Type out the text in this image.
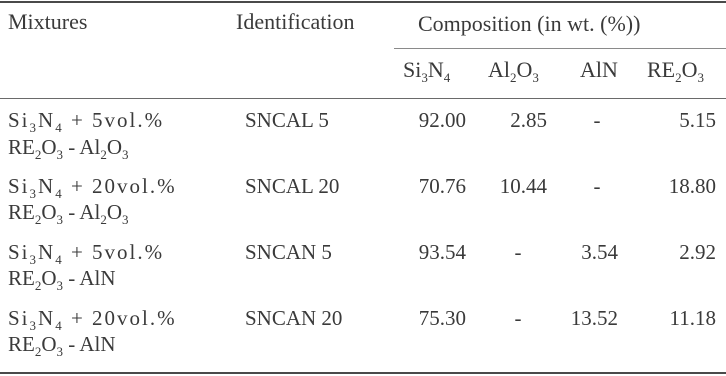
Mixtures	Identification	Composition (in wt. (%))
$Si_3N_4$ $Al_2O_3$ AlN $RE_2O_3$
$Si_3N_4 + 5vol.\%$
$RE_2O_3 - Al_2O_3$
SNCAL 5	92.00	2.85	-	5.15
$Si_3N_4 + 20vol.\%$
$RE_2O_3 - Al_2O_3$
SNCAL 20	70.76	10.44	-	18.80
$Si_3N_4 + 5vol.\%$
$RE_2O_3$ - AlN
SNCAN 5	93.54	-	3.54	2.92
$Si_3N_4 + 20vol.\%$
$RE_2O_3$ - AlN
SNCAN 20	75.30	-	13.52	11.18
